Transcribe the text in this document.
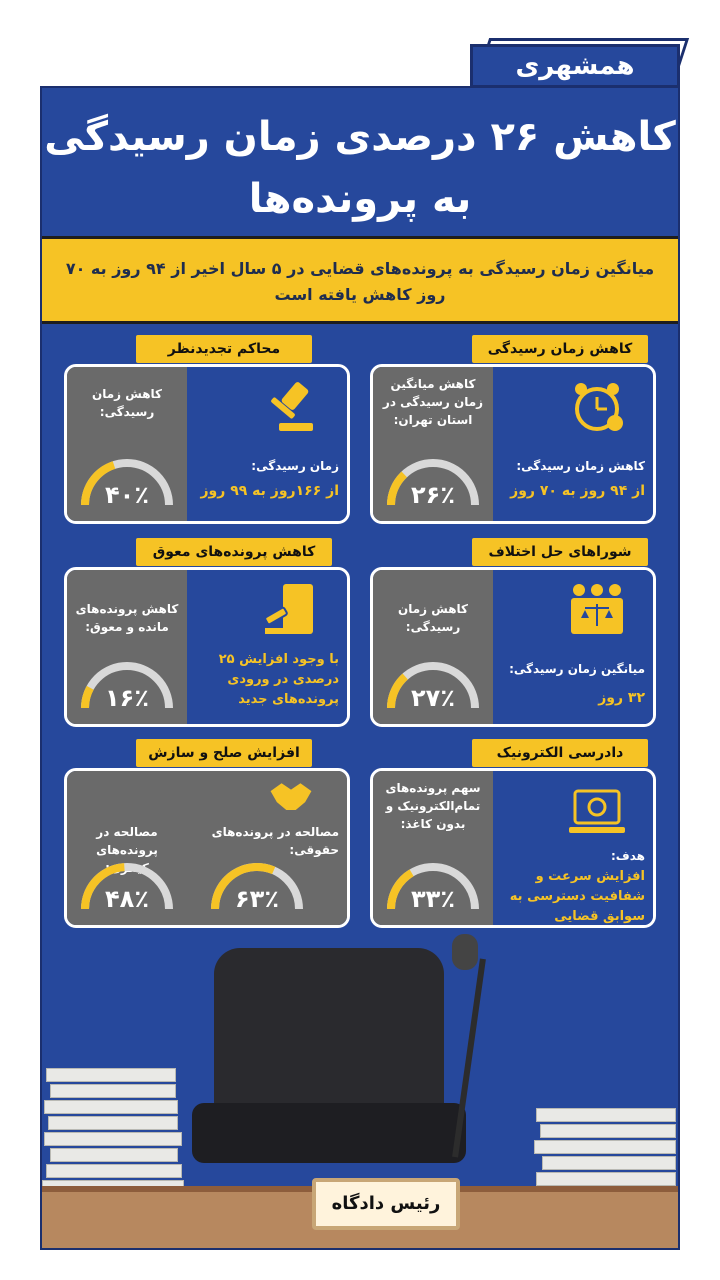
همشهری
کاهش ۲۶ درصدی زمان رسیدگی به پرونده‌ها
میانگین زمان رسیدگی به پرونده‌های قضایی در ۵ سال اخیر از ۹۴ روز به ۷۰ روز کاهش یافته است
کاهش زمان رسیدگی
کاهش زمان رسیدگی:
از ۹۴ روز به ۷۰ روز
کاهش میانگین زمان رسیدگی در استان تهران:
۲۶٪
محاکم تجدیدنظر
زمان رسیدگی:
از ۱۶۶روز به ۹۹ روز
کاهش زمان رسیدگی:
۴۰٪
شوراهای حل اختلاف
میانگین زمان رسیدگی:
۳۲ روز
کاهش زمان رسیدگی:
۲۷٪
کاهش پرونده‌های معوق
با وجود افزایش ۲۵ درصدی در ورودی پرونده‌های جدید
کاهش پرونده‌های مانده و معوق:
۱۶٪
دادرسی الکترونیک
هدف:
افزایش سرعت و شفافیت دسترسی به سوابق قضایی
سهم پرونده‌های تمام‌الکترونیک و بدون کاغذ:
۳۳٪
افزایش صلح و سازش
مصالحه در پرونده‌های حقوقی:
۶۳٪
مصالحه در پرونده‌های کیفری:
۴۸٪
رئیس دادگاه
